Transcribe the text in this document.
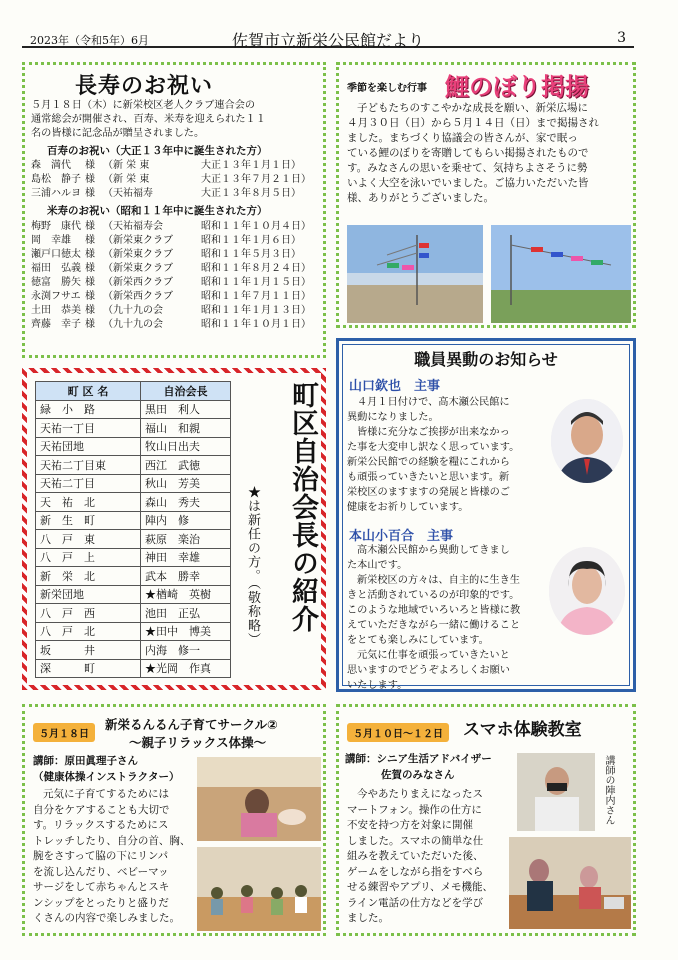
2023年（令和5年）6月	佐賀市立新栄公民館だより	3
長寿のお祝い

５月１８日（木）に新栄校区老人クラブ連合会の

通常総会が開催され、百寿、米寿を迎えられた１１

名の皆様に記念品が贈呈されました。

百寿のお祝い（大正１３年中に誕生された方）
森　満代	様 （新 栄 東	大正１３年１月１日）
島松　静子 様 （新 栄 東	大正１３年７月２１日）
三浦ハルヨ 様 （天祐福寿	大正１３年８月５日）
米寿のお祝い（昭和１１年中に誕生された方）
梅野　康代 様 （天祐福寿会	昭和１１年１０月４日）
岡　幸雄	様 （新栄東クラブ	昭和１１年１月６日）
瀬戸口徳太 様 （新栄東クラブ	昭和１１年５月３日）
福田　弘義 様 （新栄東クラブ	昭和１１年８月２４日）
徳富　勝矢 様 （新栄西クラブ	昭和１１年１月１５日）
永渕フサエ 様 （新栄西クラブ	昭和１１年７月１１日）
土田　恭美 様 （九十九の会	昭和１１年１月１３日）
齊藤　幸子 様 （九十九の会	昭和１１年１０月１日）
季節を楽しむ行事 鯉のぼり掲揚

子どもたちのすこやかな成長を願い、新栄広場に

４月３０日（日）から５月１４日（日）まで掲揚され

ました。まちづくり協議会の皆さんが、家で眠っ

ている鯉のぼりを寄贈してもらい掲揚されたもので

す。みなさんの思いを乗せて、気持ちよさそうに勢

いよく大空を泳いでいました。ご協力いただいた皆

様、ありがとうございました。

町 区 名	自治会長
緑　小　路	黒田　利人
天祐一丁目	福山　和親
天祐団地	牧山日出夫
天祐二丁目東	西江　武徳
天祐二丁目	秋山　芳美
天　祐　北	森山　秀夫
新　生　町	陣内　修
八　戸　東	萩原　楽治
八　戸　上	神田　幸雄
新　栄　北	武本　勝幸
新栄団地	★楢崎　英樹
八　戸　西	池田　正弘
八　戸　北	★田中　博美
坂　　　井	内海　修一
深　　　町	★光岡　作真
町区自治会長の紹介
★は新任の方。（敬称略）
職員異動のお知らせ
山口欽也　主事

４月１日付けで、高木瀬公民館に

異動になりました。

皆様に充分なご挨拶が出来なかっ

た事を大変申し訳なく思っています。

新栄公民館での経験を糧にこれから

も頑張っていきたいと思います。新

栄校区のますますの発展と皆様のご

健康をお祈りしています。

本山小百合　主事

高木瀬公民館から異動してきまし

た本山です。

新栄校区の方々は、自主的に生き生

きと活動されているのが印象的です。

このような地域でいろいろと皆様に教

えていただきながら一緒に働けること

をとても楽しみにしています。

元気に仕事を頑張っていきたいと

思いますのでどうぞよろしくお願い

いたします。

５月１８日
新栄るんるん子育てサークル②
～親子リラックス体操～
講師：原田眞理子さん
（健康体操インストラクター）

元気に子育てするためには

自分をケアすることも大切で

す。リラックスするためにス

トレッチしたり、自分の首、胸、

腕をさすって脇の下にリンパ

を流し込んだり、ベビーマッ

サージをして赤ちゃんとスキ

ンシップをとったりと盛りだ

くさんの内容で楽しみました。

５月１０日～１２日	スマホ体験教室
講師：シニア生活アドバイザー
佐賀のみなさん

今やあたりまえになったス

マートフォン。操作の仕方に

不安を持つ方を対象に開催

しました。スマホの簡単な仕

組みを教えていただいた後、

ゲームをしながら指をすべら

せる練習やアプリ、メモ機能、

ライン電話の仕方などを学び

ました。

講師の陣内さん
